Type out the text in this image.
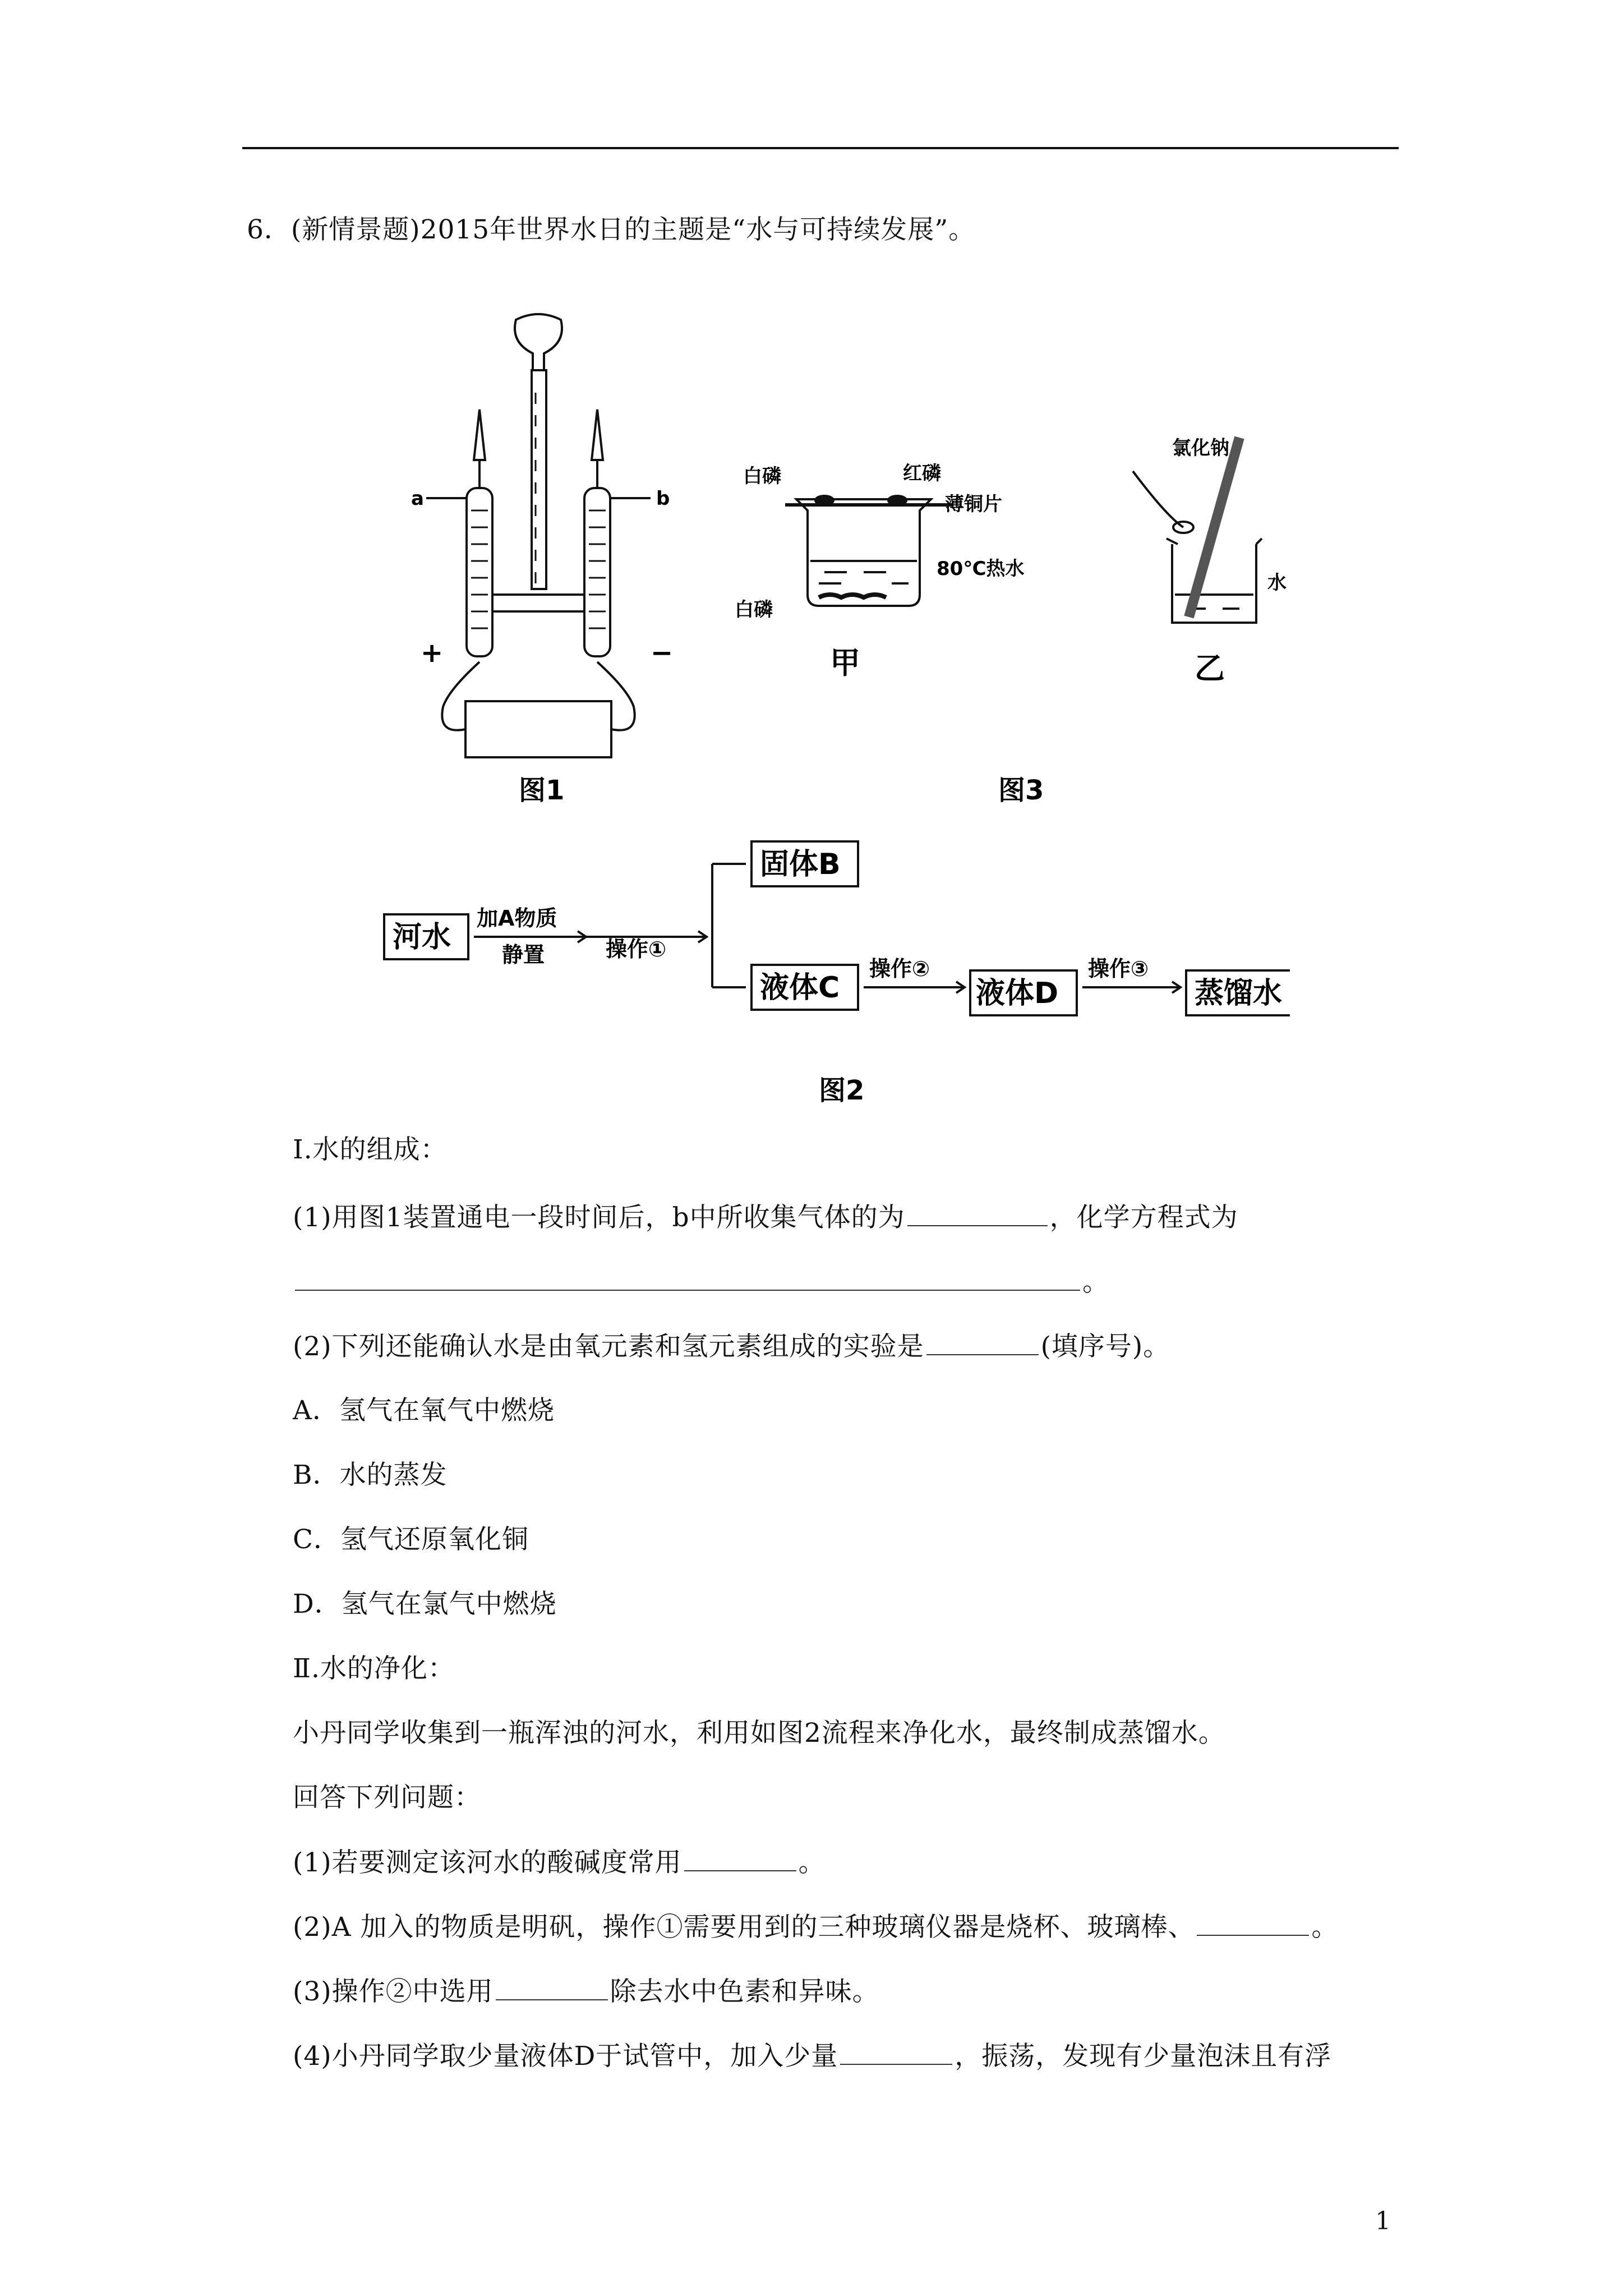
6．(新情景题)2015年世界水日的主题是“水与可持续发展”。
a	b
+	−
图1
白磷	红磷
薄铜片
80℃热水
白磷
甲
氯化钠
水
乙
图3
河水
加A物质
静置	操作①
固体B
液体C
操作②
液体D
操作③
蒸馏水
图2
Ⅰ.水的组成：
(1)用图1装置通电一段时间后，b中所收集气体的为	，化学方程式为
。
(2)下列还能确认水是由氧元素和氢元素组成的实验是	(填序号)。
A．氢气在氧气中燃烧
B．水的蒸发
C．氢气还原氧化铜
D．氢气在氯气中燃烧
Ⅱ.水的净化：
小丹同学收集到一瓶浑浊的河水，利用如图2流程来净化水，最终制成蒸馏水。
回答下列问题：
(1)若要测定该河水的酸碱度常用	。
(2)A 加入的物质是明矾，操作①需要用到的三种玻璃仪器是烧杯、玻璃棒、	。
(3)操作②中选用	除去水中色素和异味。
(4)小丹同学取少量液体D于试管中，加入少量	，振荡，发现有少量泡沫且有浮
1
